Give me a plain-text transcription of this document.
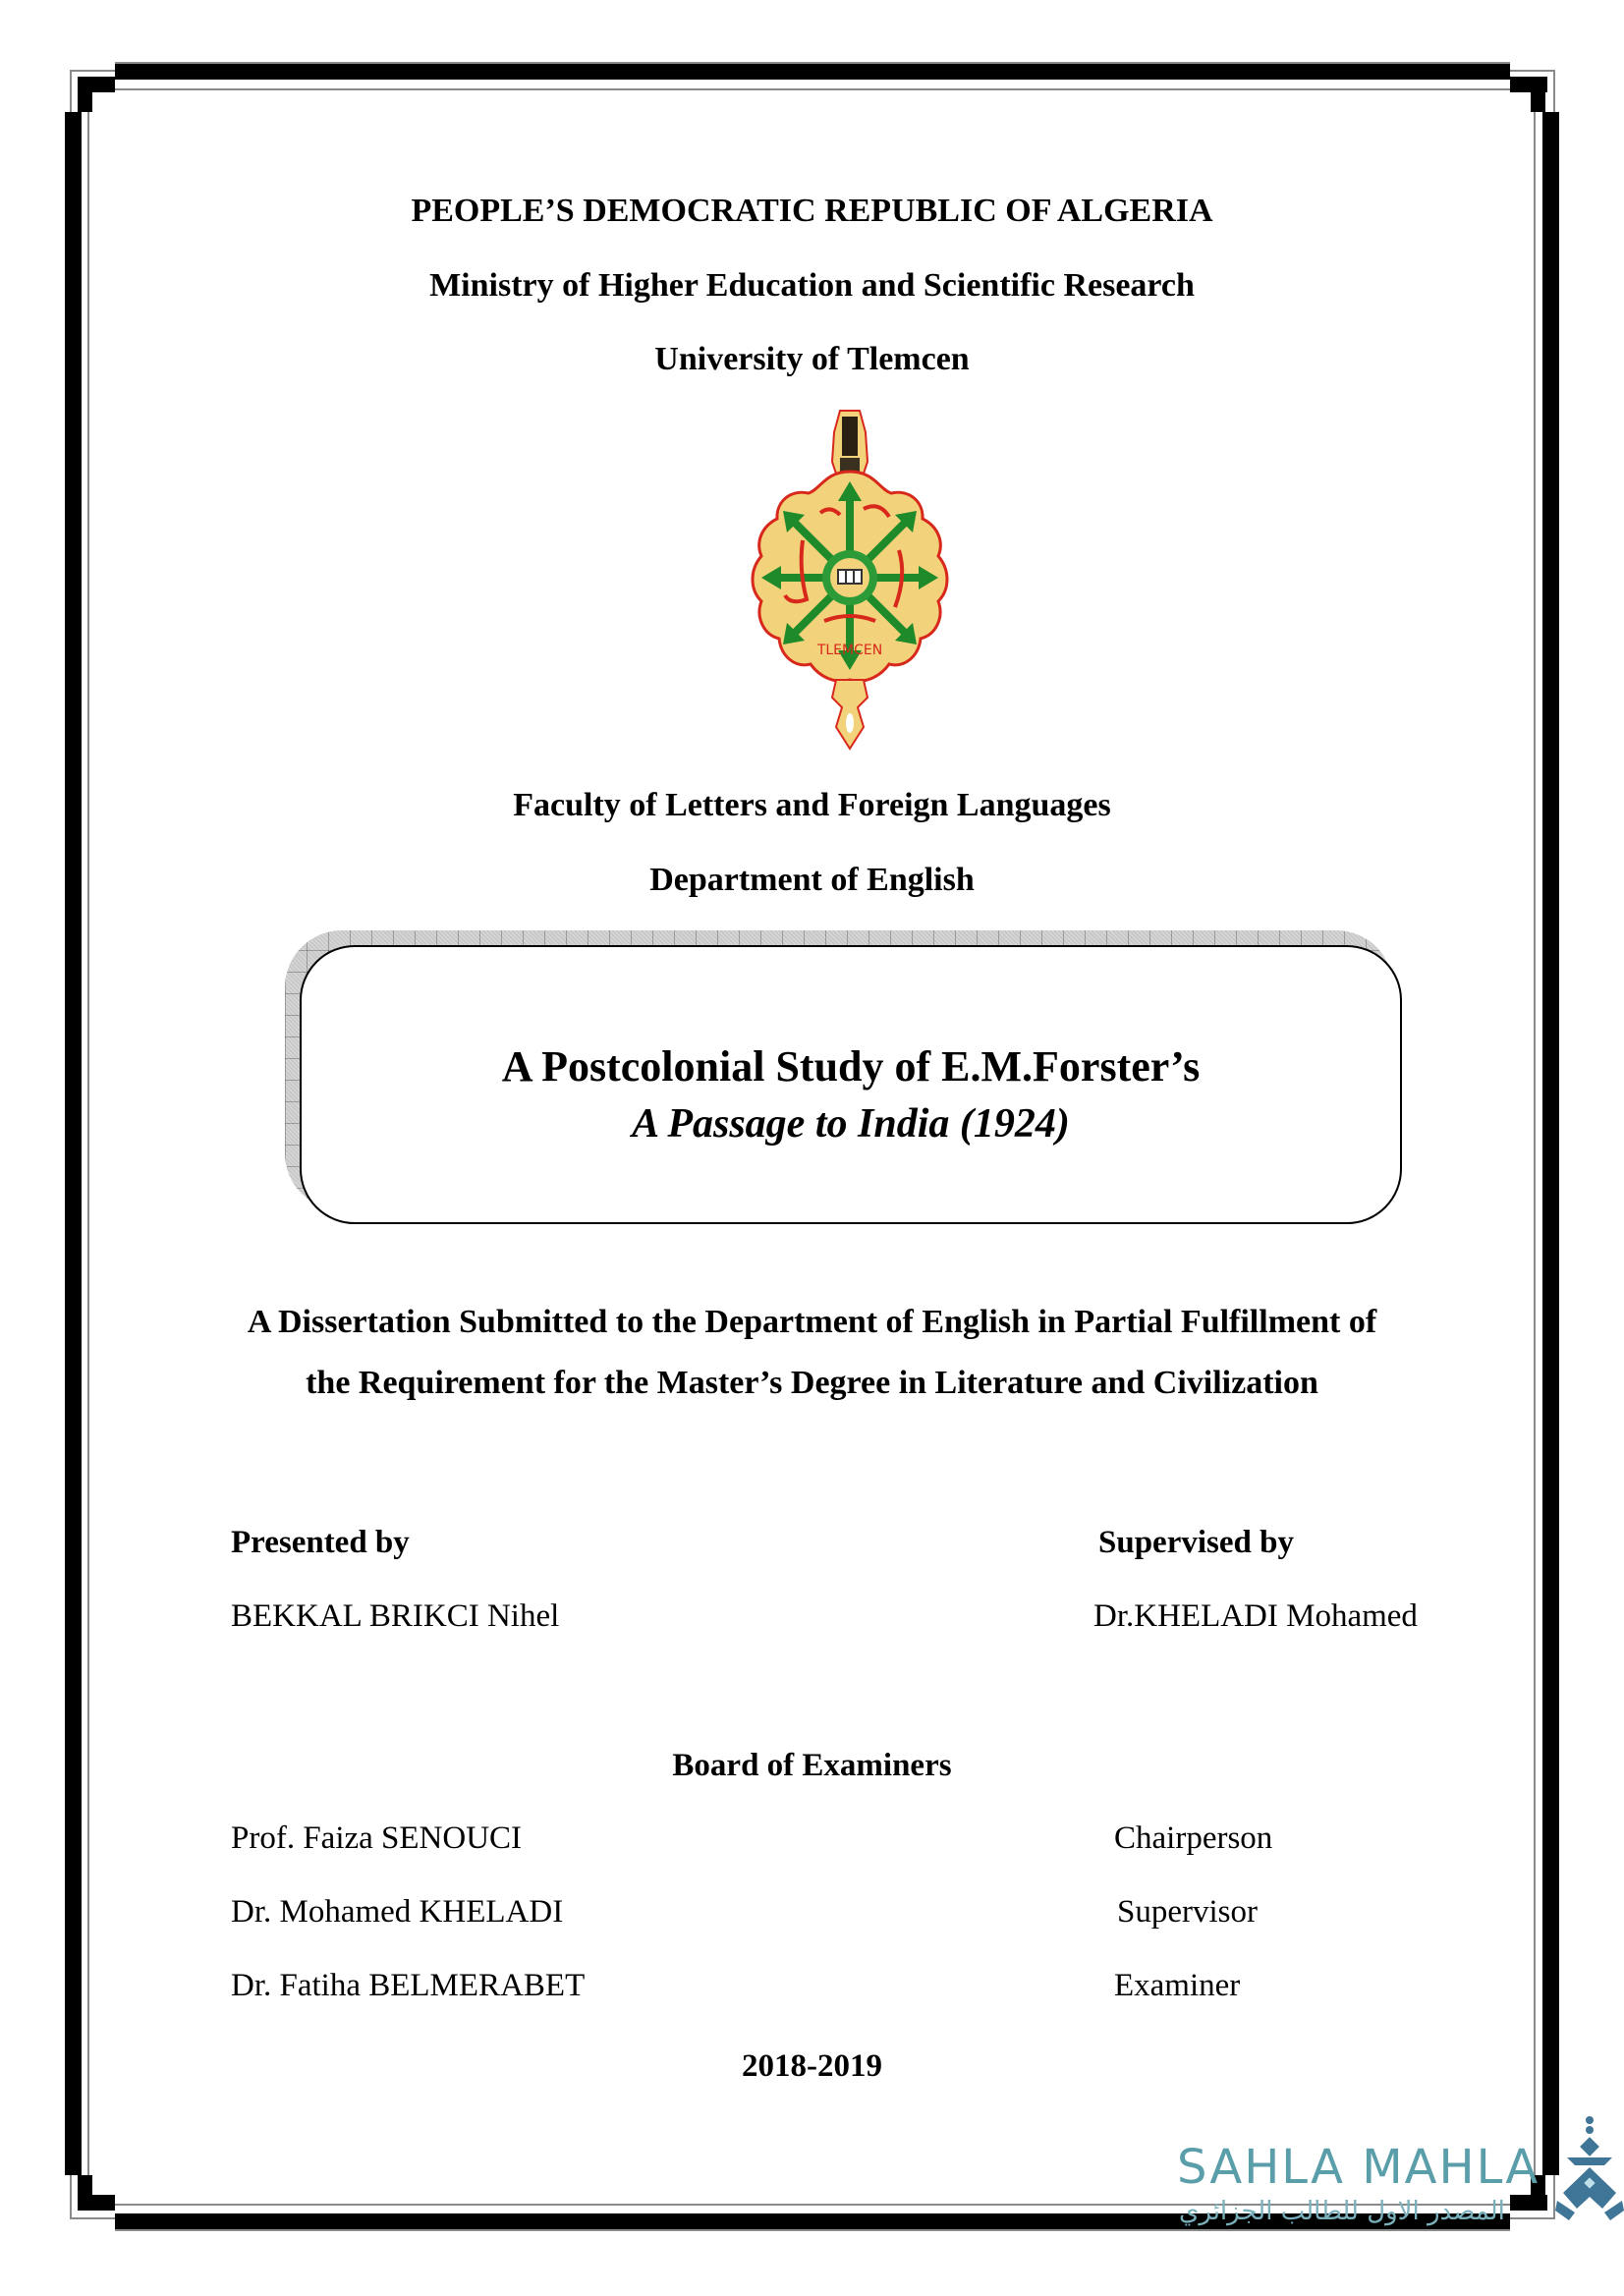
PEOPLE’S DEMOCRATIC REPUBLIC OF ALGERIA
Ministry of Higher Education and Scientific Research
University of Tlemcen
TLEMCEN
Faculty of Letters and Foreign Languages
Department of English
A Postcolonial Study of E.M.Forster’s
A Passage to India (1924)
A Dissertation Submitted to the Department of English in Partial Fulfillment of
the Requirement for the Master’s Degree in Literature and Civilization
Presented by
BEKKAL BRIKCI Nihel
Supervised by
Dr.KHELADI Mohamed
Board of Examiners
Prof. Faiza SENOUCI	Chairperson
Dr. Mohamed KHELADI	Supervisor
Dr. Fatiha BELMERABET	Examiner
2018-2019
SAHLA MAHLA
المصدر الاول للطالب الجزائري
